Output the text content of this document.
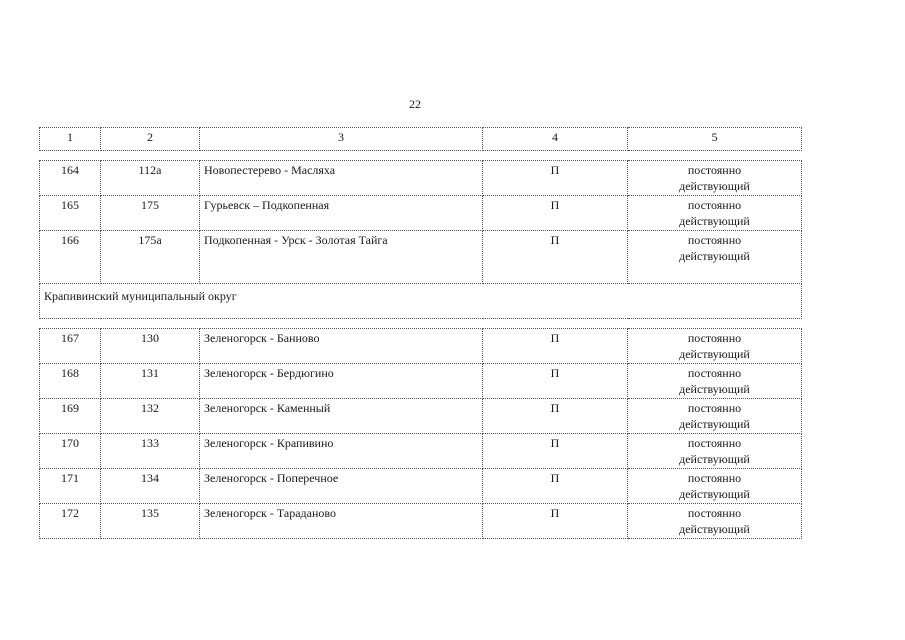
22
1	2	3	4	5

164	112а	Новопестерево - Масляха	П	постоянно
действующий

165	175	Гурьевск – Подкопенная	П	постоянно
действующий

166	175а	Подкопенная - Урск - Золотая Тайга	П	постоянно
действующий

Крапивинский муниципальный округ				

167	130	Зеленогорск - Банново	П	постоянно
действующий

168	131	Зеленогорск - Бердюгино	П	постоянно
действующий

169	132	Зеленогорск - Каменный	П	постоянно
действующий

170	133	Зеленогорск - Крапивино	П	постоянно
действующий

171	134	Зеленогорск - Поперечное	П	постоянно
действующий

172	135	Зеленогорск - Тараданово	П	постоянно
действующий
